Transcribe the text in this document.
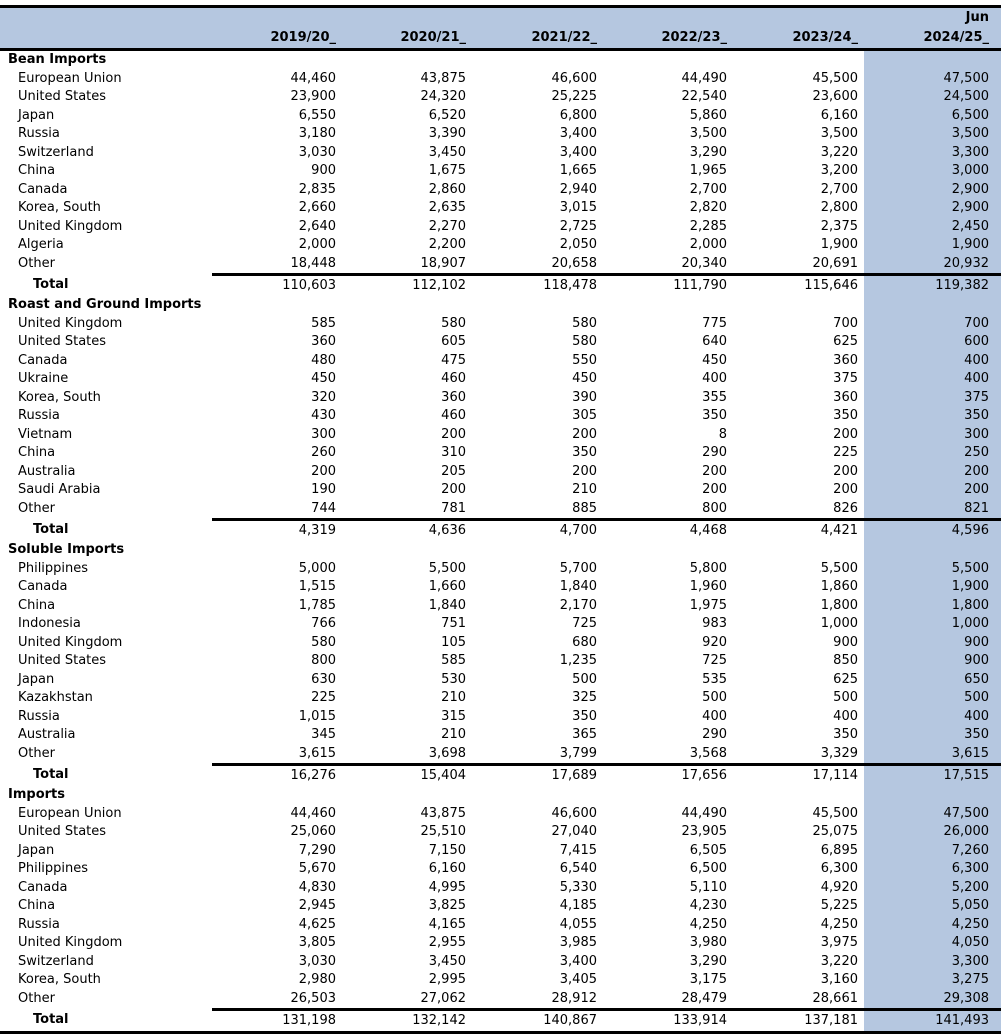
						Jun
	2019/20_	2020/21_	2021/22_	2022/23_	2023/24_	2024/25_
Bean Imports						
European Union	44,460	43,875	46,600	44,490	45,500	47,500
United States	23,900	24,320	25,225	22,540	23,600	24,500
Japan	6,550	6,520	6,800	5,860	6,160	6,500
Russia	3,180	3,390	3,400	3,500	3,500	3,500
Switzerland	3,030	3,450	3,400	3,290	3,220	3,300
China	900	1,675	1,665	1,965	3,200	3,000
Canada	2,835	2,860	2,940	2,700	2,700	2,900
Korea, South	2,660	2,635	3,015	2,820	2,800	2,900
United Kingdom	2,640	2,270	2,725	2,285	2,375	2,450
Algeria	2,000	2,200	2,050	2,000	1,900	1,900
Other	18,448	18,907	20,658	20,340	20,691	20,932
Total	110,603	112,102	118,478	111,790	115,646	119,382
Roast and Ground Imports						
United Kingdom	585	580	580	775	700	700
United States	360	605	580	640	625	600
Canada	480	475	550	450	360	400
Ukraine	450	460	450	400	375	400
Korea, South	320	360	390	355	360	375
Russia	430	460	305	350	350	350
Vietnam	300	200	200	8	200	300
China	260	310	350	290	225	250
Australia	200	205	200	200	200	200
Saudi Arabia	190	200	210	200	200	200
Other	744	781	885	800	826	821
Total	4,319	4,636	4,700	4,468	4,421	4,596
Soluble Imports						
Philippines	5,000	5,500	5,700	5,800	5,500	5,500
Canada	1,515	1,660	1,840	1,960	1,860	1,900
China	1,785	1,840	2,170	1,975	1,800	1,800
Indonesia	766	751	725	983	1,000	1,000
United Kingdom	580	105	680	920	900	900
United States	800	585	1,235	725	850	900
Japan	630	530	500	535	625	650
Kazakhstan	225	210	325	500	500	500
Russia	1,015	315	350	400	400	400
Australia	345	210	365	290	350	350
Other	3,615	3,698	3,799	3,568	3,329	3,615
Total	16,276	15,404	17,689	17,656	17,114	17,515
Imports						
European Union	44,460	43,875	46,600	44,490	45,500	47,500
United States	25,060	25,510	27,040	23,905	25,075	26,000
Japan	7,290	7,150	7,415	6,505	6,895	7,260
Philippines	5,670	6,160	6,540	6,500	6,300	6,300
Canada	4,830	4,995	5,330	5,110	4,920	5,200
China	2,945	3,825	4,185	4,230	5,225	5,050
Russia	4,625	4,165	4,055	4,250	4,250	4,250
United Kingdom	3,805	2,955	3,985	3,980	3,975	4,050
Switzerland	3,030	3,450	3,400	3,290	3,220	3,300
Korea, South	2,980	2,995	3,405	3,175	3,160	3,275
Other	26,503	27,062	28,912	28,479	28,661	29,308
Total	131,198	132,142	140,867	133,914	137,181	141,493
